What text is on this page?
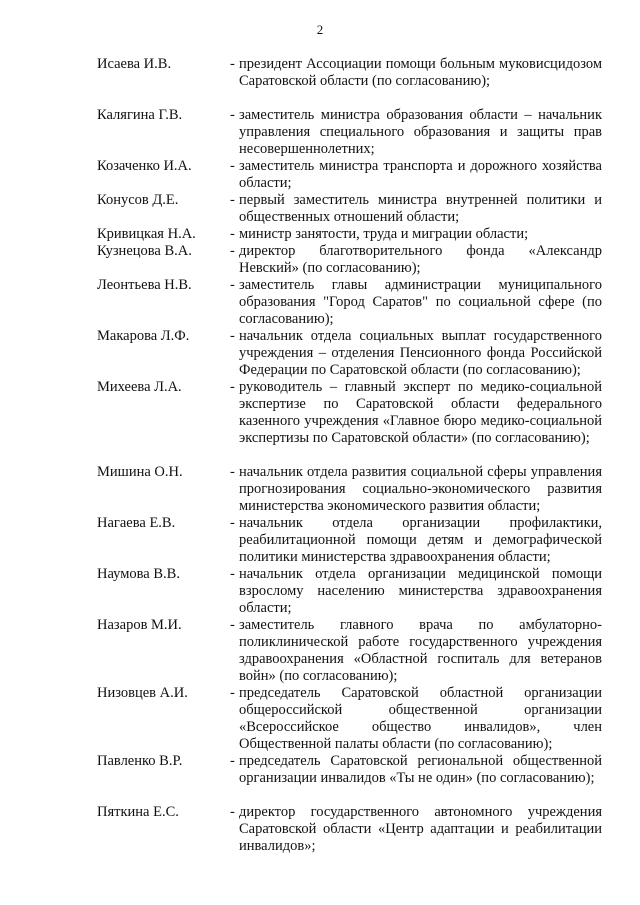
2
Исаева И.В.	- президент Ассоциации помощи больным муковисцидозом Саратовской области (по согласованию);
Калягина Г.В.	- заместитель министра образования области – начальник управления специального образования и защиты прав несовершеннолетних;
Козаченко И.А.	- заместитель министра транспорта и дорожного хозяйства области;
Конусов Д.Е.	- первый заместитель министра внутренней политики и общественных отношений области;
Кривицкая Н.А.	- министр занятости, труда и миграции области;
Кузнецова В.А.	- директор благотворительного фонда «Александр Невский» (по согласованию);
Леонтьева Н.В.	- заместитель главы администрации муниципального образования "Город Саратов" по социальной сфере (по согласованию);
Макарова Л.Ф.	- начальник отдела социальных выплат государственного учреждения – отделения Пенсионного фонда Российской Федерации по Саратовской области (по согласованию);
Михеева Л.А.	- руководитель – главный эксперт по медико-социальной экспертизе по Саратовской области федерального казенного учреждения «Главное бюро медико-социальной экспертизы по Саратовской области» (по согласованию);
Мишина О.Н.	- начальник отдела развития социальной сферы управления прогнозирования социально-экономического развития министерства экономического развития области;
Нагаева Е.В.	- начальник отдела организации профилактики, реабилитационной помощи детям и демографической политики министерства здравоохранения области;
Наумова В.В.	- начальник отдела организации медицинской помощи взрослому населению министерства здравоохранения области;
Назаров М.И.	- заместитель главного врача по амбулаторно-поликлинической работе государственного учреждения здравоохранения «Областной госпиталь для ветеранов войн» (по согласованию);
Низовцев А.И.	- председатель Саратовской областной организации общероссийской общественной организации «Всероссийское общество инвалидов», член Общественной палаты области (по согласованию);
Павленко В.Р.	- председатель Саратовской региональной общественной организации инвалидов «Ты не один» (по согласованию);
Пяткина Е.С.	- директор государственного автономного учреждения Саратовской области «Центр адаптации и реабилитации инвалидов»;
